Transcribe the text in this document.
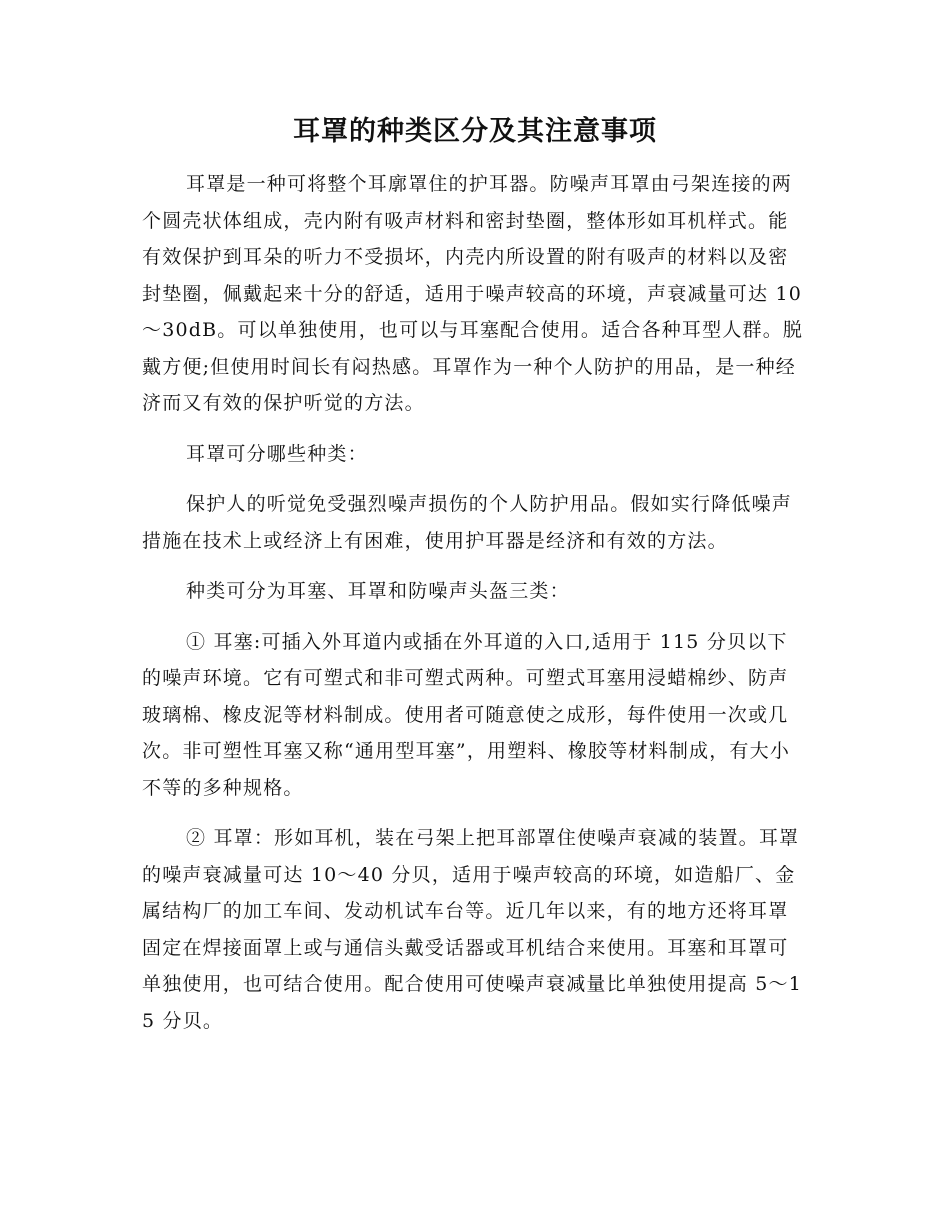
耳罩的种类区分及其注意事项

耳罩是一种可将整个耳廓罩住的护耳器。防噪声耳罩由弓架连接的两个圆壳状体组成，壳内附有吸声材料和密封垫圈，整体形如耳机样式。能有效保护到耳朵的听力不受损坏，内壳内所设置的附有吸声的材料以及密封垫圈，佩戴起来十分的舒适，适用于噪声较高的环境，声衰减量可达 10～30dB。可以单独使用，也可以与耳塞配合使用。适合各种耳型人群。脱戴方便;但使用时间长有闷热感。耳罩作为一种个人防护的用品，是一种经济而又有效的保护听觉的方法。

耳罩可分哪些种类：

保护人的听觉免受强烈噪声损伤的个人防护用品。假如实行降低噪声措施在技术上或经济上有困难，使用护耳器是经济和有效的方法。

种类可分为耳塞、耳罩和防噪声头盔三类：

① 耳塞:可插入外耳道内或插在外耳道的入口,适用于 115 分贝以下的噪声环境。它有可塑式和非可塑式两种。可塑式耳塞用浸蜡棉纱、防声玻璃棉、橡皮泥等材料制成。使用者可随意使之成形，每件使用一次或几次。非可塑性耳塞又称“通用型耳塞”，用塑料、橡胶等材料制成，有大小不等的多种规格。

② 耳罩：形如耳机，装在弓架上把耳部罩住使噪声衰减的装置。耳罩的噪声衰减量可达 10～40 分贝，适用于噪声较高的环境，如造船厂、金属结构厂的加工车间、发动机试车台等。近几年以来，有的地方还将耳罩固定在焊接面罩上或与通信头戴受话器或耳机结合来使用。耳塞和耳罩可单独使用，也可结合使用。配合使用可使噪声衰减量比单独使用提高 5～15 分贝。
